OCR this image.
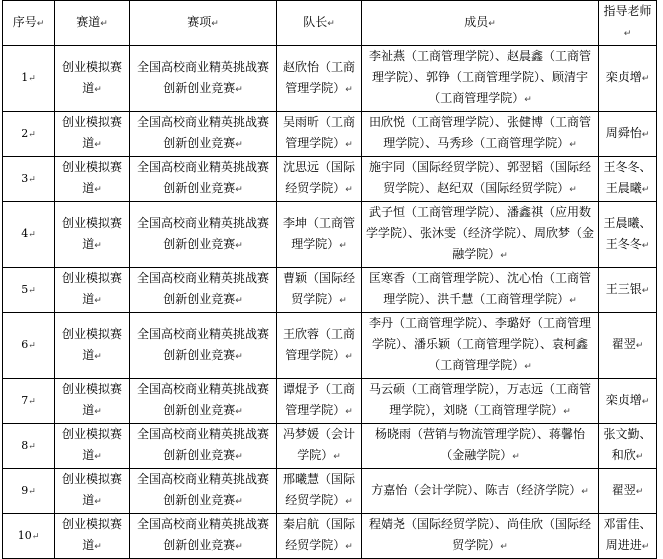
序号↵	赛道↵	赛项↵	队长↵	成员↵	指导老师↵
1↵	创业模拟赛道↵	全国高校商业精英挑战赛创新创业竞赛↵	赵欣怡（工商管理学院）↵	李祉燕（工商管理学院）、赵晨鑫（工商管理学院）、郭铮（工商管理学院）、顾清宇（工商管理学院）↵	栾贞增↵
2↵	创业模拟赛道↵	全国高校商业精英挑战赛创新创业竞赛↵	吴雨昕（工商管理学院）↵	田欣悦（工商管理学院）、张健博（工商管理学院）、马秀珍（工商管理学院）↵	周舜怡↵
3↵	创业模拟赛道↵	全国高校商业精英挑战赛创新创业竞赛↵	沈思远（国际经贸学院）↵	施宇同（国际经贸学院）、郭翌韬（国际经贸学院）、赵纪双（国际经贸学院）↵	王冬冬、王晨曦↵
4↵	创业模拟赛道↵	全国高校商业精英挑战赛创新创业竞赛↵	李坤（工商管理学院）↵	武子恒（工商管理学院）、潘鑫祺（应用数学学院）、张沐雯（经济学院）、周欣梦（金融学院）↵	王晨曦、王冬冬↵
5↵	创业模拟赛道↵	全国高校商业精英挑战赛创新创业竞赛↵	曹颖（国际经贸学院）↵	匡寒香（工商管理学院）、沈心怡（工商管理学院）、洪千慧（工商管理学院）↵	王三银↵
6↵	创业模拟赛道↵	全国高校商业精英挑战赛创新创业竞赛↵	王欣蓉（工商管理学院）↵	李丹（工商管理学院）、李璐妤（工商管理学院）、潘乐颖（工商管理学院）、袁柯鑫（工商管理学院）↵	翟翌↵
7↵	创业模拟赛道↵	全国高校商业精英挑战赛创新创业竞赛↵	谭焜予（工商管理学院）↵	马云硕（工商管理学院），万志远（工商管理学院），刘晓（工商管理学院）↵	栾贞增↵
8↵	创业模拟赛道↵	全国高校商业精英挑战赛创新创业竞赛↵	冯梦媛（会计学院）↵	杨晓雨（营销与物流管理学院）、蒋馨怡（金融学院）↵	张文勤、和欣↵
9↵	创业模拟赛道↵	全国高校商业精英挑战赛创新创业竞赛↵	邢曦慧（国际经贸学院）↵	方嘉怡（会计学院）、陈吉（经济学院）↵	翟翌↵
10↵	创业模拟赛道↵	全国高校商业精英挑战赛创新创业竞赛↵	秦启航（国际经贸学院）↵	程婧尧（国际经贸学院）、尚佳欣（国际经贸学院）↵	邓雷佳、周进进↵
